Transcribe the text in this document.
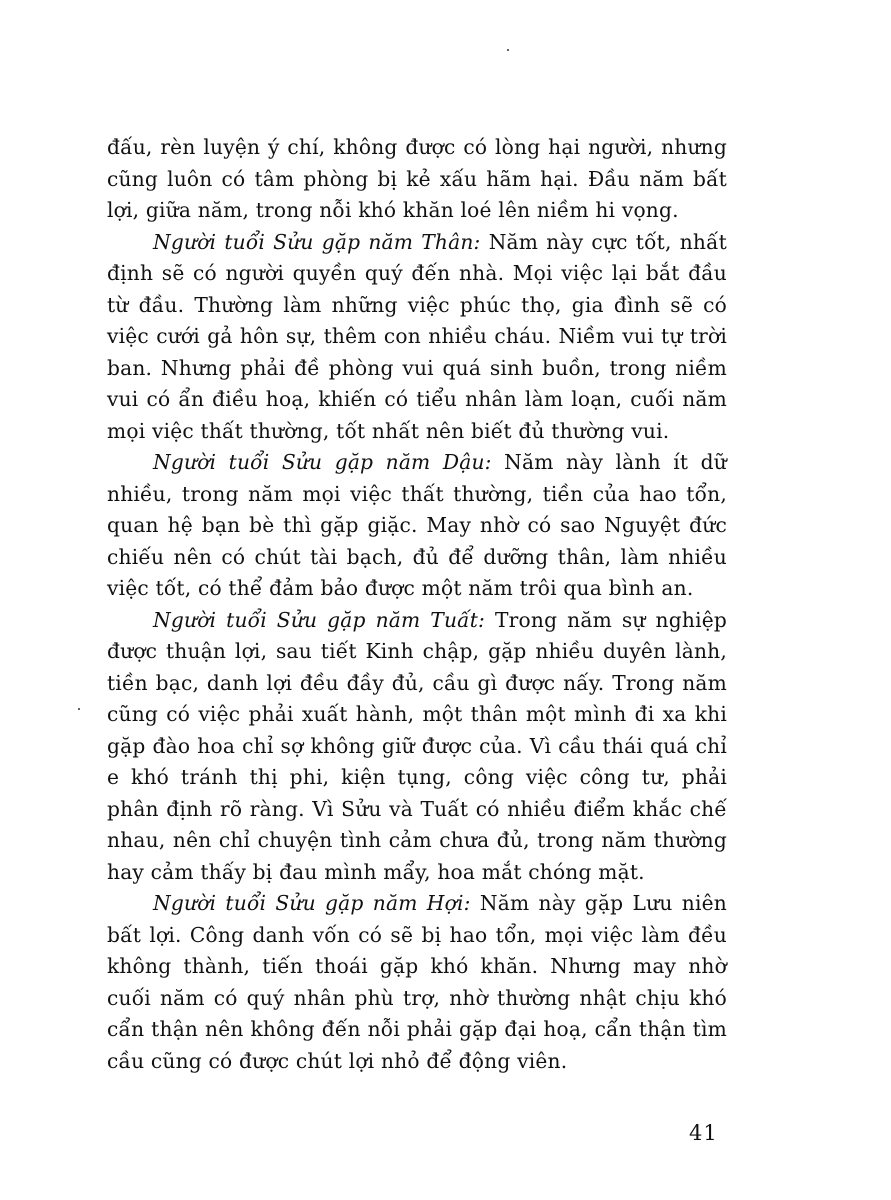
đấu, rèn luyện ý chí, không được có lòng hại người, nhưng cũng luôn có tâm phòng bị kẻ xấu hãm hại. Đầu năm bất lợi, giữa năm, trong nỗi khó khăn loé lên niềm hi vọng.

Người tuổi Sửu gặp năm Thân: Năm này cực tốt, nhất định sẽ có người quyền quý đến nhà. Mọi việc lại bắt đầu từ đầu. Thường làm những việc phúc thọ, gia đình sẽ có việc cưới gả hôn sự, thêm con nhiều cháu. Niềm vui tự trời ban. Nhưng phải đề phòng vui quá sinh buồn, trong niềm vui có ẩn điều hoạ, khiến có tiểu nhân làm loạn, cuối năm mọi việc thất thường, tốt nhất nên biết đủ thường vui.

Người tuổi Sửu gặp năm Dậu: Năm này lành ít dữ nhiều, trong năm mọi việc thất thường, tiền của hao tổn, quan hệ bạn bè thì gặp giặc. May nhờ có sao Nguyệt đức chiếu nên có chút tài bạch, đủ để dưỡng thân, làm nhiều việc tốt, có thể đảm bảo được một năm trôi qua bình an.

Người tuổi Sửu gặp năm Tuất: Trong năm sự nghiệp được thuận lợi, sau tiết Kinh chập, gặp nhiều duyên lành, tiền bạc, danh lợi đều đầy đủ, cầu gì được nấy. Trong năm cũng có việc phải xuất hành, một thân một mình đi xa khi gặp đào hoa chỉ sợ không giữ được của. Vì cầu thái quá chỉ e khó tránh thị phi, kiện tụng, công việc công tư, phải phân định rõ ràng. Vì Sửu và Tuất có nhiều điểm khắc chế nhau, nên chỉ chuyện tình cảm chưa đủ, trong năm thường hay cảm thấy bị đau mình mẩy, hoa mắt chóng mặt.

Người tuổi Sửu gặp năm Hợi: Năm này gặp Lưu niên bất lợi. Công danh vốn có sẽ bị hao tổn, mọi việc làm đều không thành, tiến thoái gặp khó khăn. Nhưng may nhờ cuối năm có quý nhân phù trợ, nhờ thường nhật chịu khó cẩn thận nên không đến nỗi phải gặp đại hoạ, cẩn thận tìm cầu cũng có được chút lợi nhỏ để động viên.

41
